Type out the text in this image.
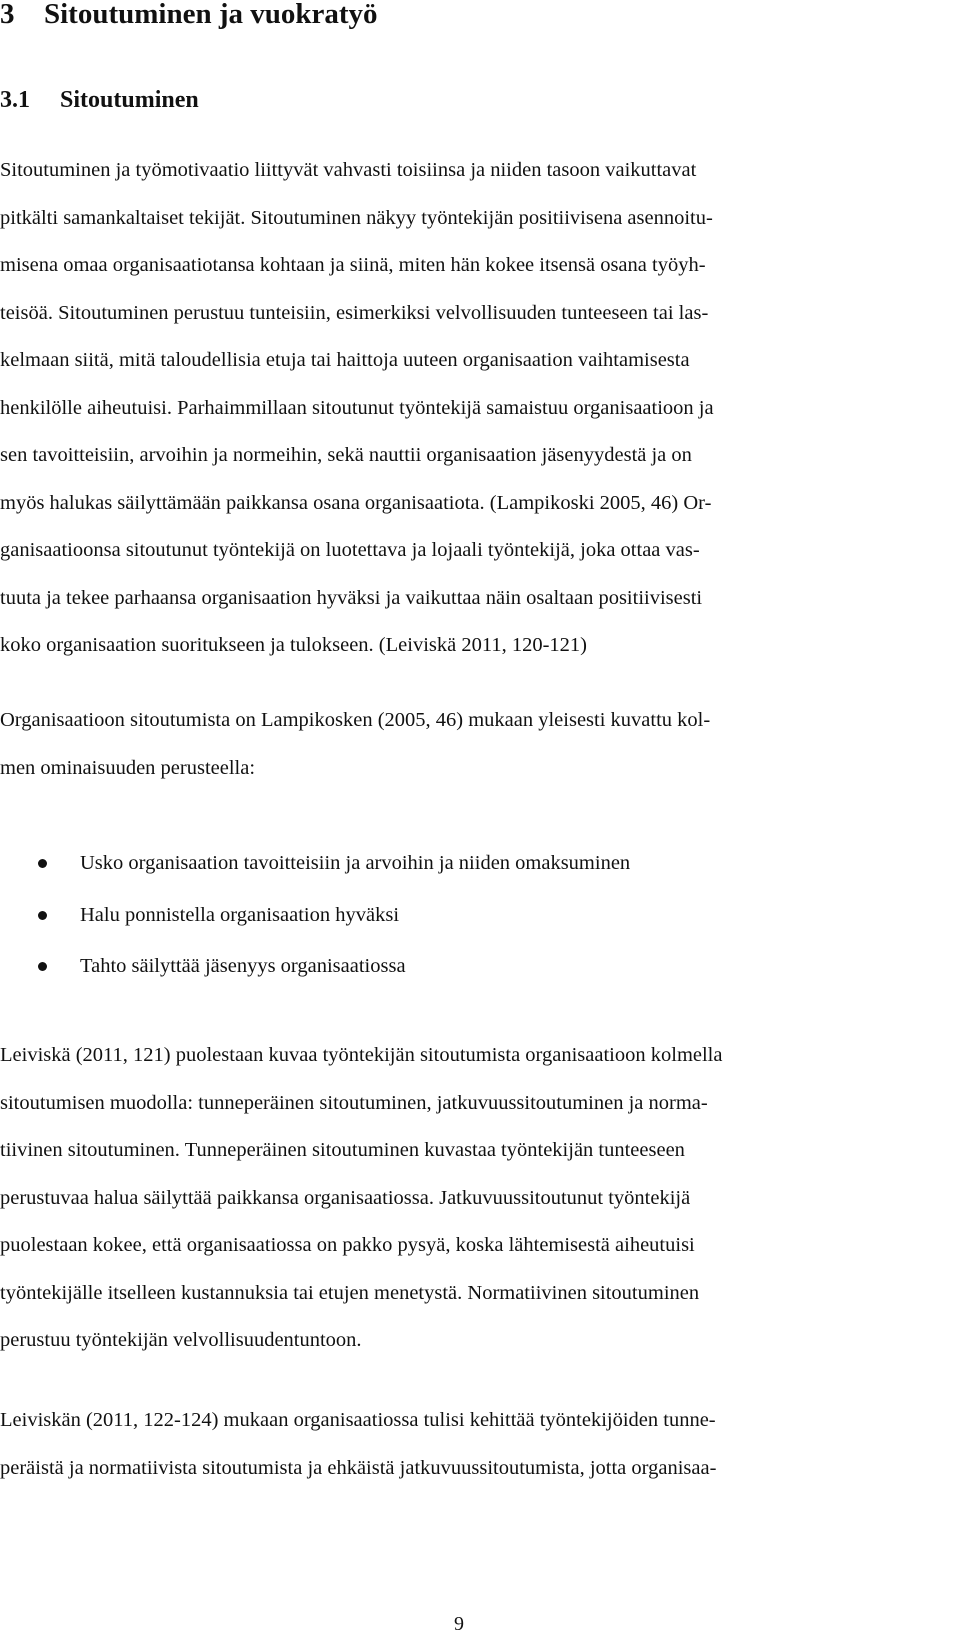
3 Sitoutuminen ja vuokratyö
3.1 Sitoutuminen
Sitoutuminen ja työmotivaatio liittyvät vahvasti toisiinsa ja niiden tasoon vaikuttavat
pitkälti samankaltaiset tekijät. Sitoutuminen näkyy työntekijän positiivisena asennoitu-
misena omaa organisaatiotansa kohtaan ja siinä, miten hän kokee itsensä osana työyh-
teisöä. Sitoutuminen perustuu tunteisiin, esimerkiksi velvollisuuden tunteeseen tai las-
kelmaan siitä, mitä taloudellisia etuja tai haittoja uuteen organisaation vaihtamisesta
henkilölle aiheutuisi. Parhaimmillaan sitoutunut työntekijä samaistuu organisaatioon ja
sen tavoitteisiin, arvoihin ja normeihin, sekä nauttii organisaation jäsenyydestä ja on
myös halukas säilyttämään paikkansa osana organisaatiota. (Lampikoski 2005, 46) Or-
ganisaatioonsa sitoutunut työntekijä on luotettava ja lojaali työntekijä, joka ottaa vas-
tuuta ja tekee parhaansa organisaation hyväksi ja vaikuttaa näin osaltaan positiivisesti
koko organisaation suoritukseen ja tulokseen. (Leiviskä 2011, 120-121)
Organisaatioon sitoutumista on Lampikosken (2005, 46) mukaan yleisesti kuvattu kol-
men ominaisuuden perusteella:
Usko organisaation tavoitteisiin ja arvoihin ja niiden omaksuminen
Halu ponnistella organisaation hyväksi
Tahto säilyttää jäsenyys organisaatiossa
Leiviskä (2011, 121) puolestaan kuvaa työntekijän sitoutumista organisaatioon kolmella
sitoutumisen muodolla: tunneperäinen sitoutuminen, jatkuvuussitoutuminen ja norma-
tiivinen sitoutuminen. Tunneperäinen sitoutuminen kuvastaa työntekijän tunteeseen
perustuvaa halua säilyttää paikkansa organisaatiossa. Jatkuvuussitoutunut työntekijä
puolestaan kokee, että organisaatiossa on pakko pysyä, koska lähtemisestä aiheutuisi
työntekijälle itselleen kustannuksia tai etujen menetystä. Normatiivinen sitoutuminen
perustuu työntekijän velvollisuudentuntoon.
Leiviskän (2011, 122-124) mukaan organisaatiossa tulisi kehittää työntekijöiden tunne-
peräistä ja normatiivista sitoutumista ja ehkäistä jatkuvuussitoutumista, jotta organisaa-
9
